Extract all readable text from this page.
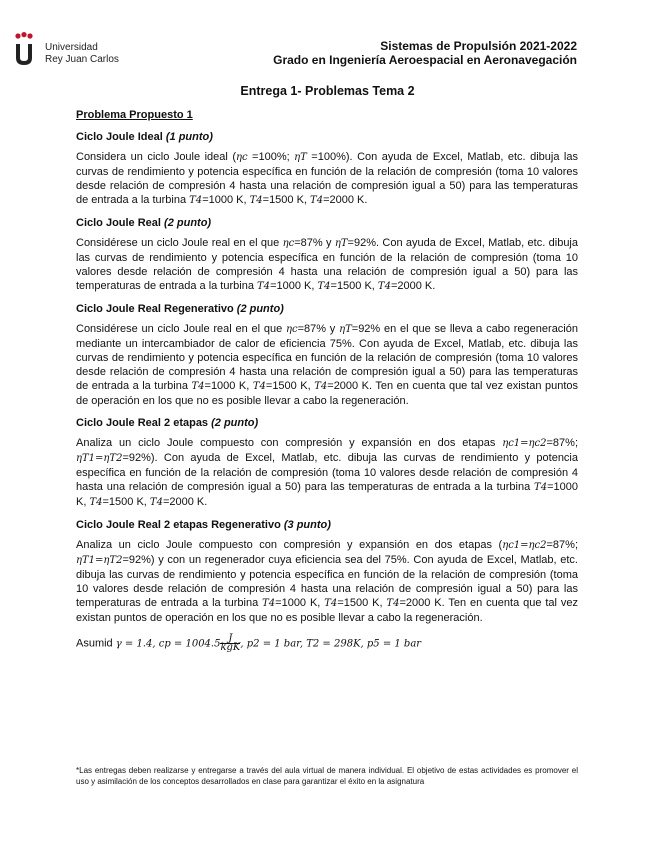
Universidad
Rey Juan Carlos
Sistemas de Propulsión 2021-2022
Grado en Ingeniería Aeroespacial en Aeronavegación
Entrega 1- Problemas Tema 2
Problema Propuesto 1
Ciclo Joule Ideal (1 punto)

Considera un ciclo Joule ideal (ηc =100%; ηT =100%). Con ayuda de Excel, Matlab, etc. dibuja las curvas de rendimiento y potencia específica en función de la relación de compresión (toma 10 valores desde relación de compresión 4 hasta una relación de compresión igual a 50) para las temperaturas de entrada a la turbina T4=1000 K, T4=1500 K, T4=2000 K.

Ciclo Joule Real (2 punto)

Considérese un ciclo Joule real en el que ηc=87% y ηT=92%. Con ayuda de Excel, Matlab, etc. dibuja las curvas de rendimiento y potencia específica en función de la relación de compresión (toma 10 valores desde relación de compresión 4 hasta una relación de compresión igual a 50) para las temperaturas de entrada a la turbina T4=1000 K, T4=1500 K, T4=2000 K.

Ciclo Joule Real Regenerativo (2 punto)

Considérese un ciclo Joule real en el que ηc=87% y ηT=92% en el que se lleva a cabo regeneración mediante un intercambiador de calor de eficiencia 75%. Con ayuda de Excel, Matlab, etc. dibuja las curvas de rendimiento y potencia específica en función de la relación de compresión (toma 10 valores desde relación de compresión 4 hasta una relación de compresión igual a 50) para las temperaturas de entrada a la turbina T4=1000 K, T4=1500 K, T4=2000 K. Ten en cuenta que tal vez existan puntos de operación en los que no es posible llevar a cabo la regeneración.

Ciclo Joule Real 2 etapas (2 punto)

Analiza un ciclo Joule compuesto con compresión y expansión en dos etapas ηc1=ηc2=87%; ηT1=ηT2=92%). Con ayuda de Excel, Matlab, etc. dibuja las curvas de rendimiento y potencia específica en función de la relación de compresión (toma 10 valores desde relación de compresión 4 hasta una relación de compresión igual a 50) para las temperaturas de entrada a la turbina T4=1000 K, T4=1500 K, T4=2000 K.

Ciclo Joule Real 2 etapas Regenerativo (3 punto)

Analiza un ciclo Joule compuesto con compresión y expansión en dos etapas (ηc1=ηc2=87%; ηT1=ηT2=92%) y con un regenerador cuya eficiencia sea del 75%. Con ayuda de Excel, Matlab, etc. dibuja las curvas de rendimiento y potencia específica en función de la relación de compresión (toma 10 valores desde relación de compresión 4 hasta una relación de compresión igual a 50) para las temperaturas de entrada a la turbina T4=1000 K, T4=1500 K, T4=2000 K. Ten en cuenta que tal vez existan puntos de operación en los que no es posible llevar a cabo la regeneración.

Asumid γ = 1.4, cp = $1004.5 \frac{J}{\text{kgK}}$ , p2 = 1 bar, T2 = 298K, p5 = 1 bar

*Las entregas deben realizarse y entregarse a través del aula virtual de manera individual. El objetivo de estas actividades es promover el uso y asimilación de los conceptos desarrollados en clase para garantizar el éxito en la asignatura
